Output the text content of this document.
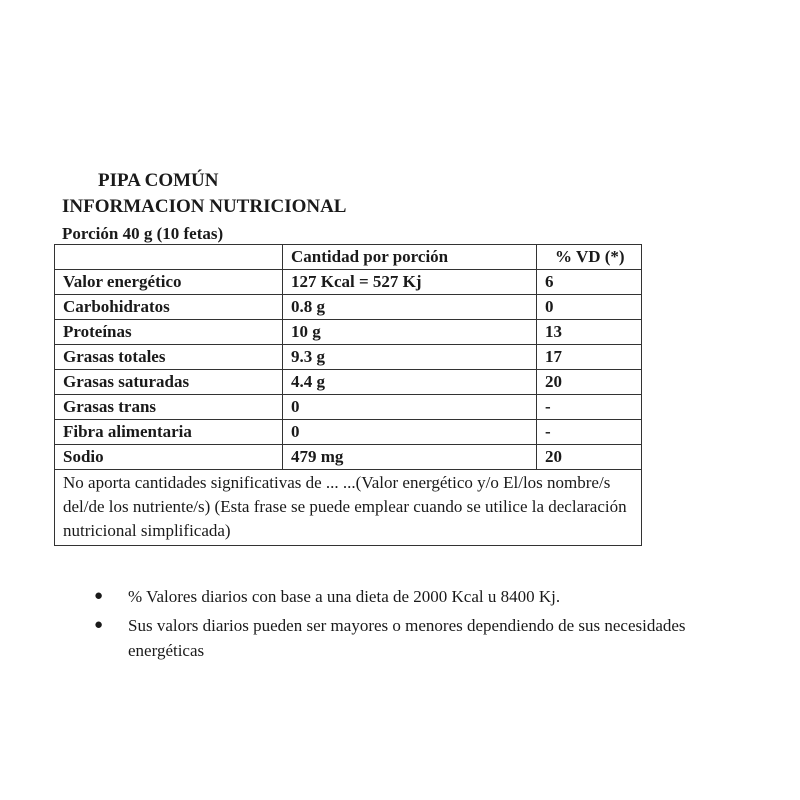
PIPA COMÚN

INFORMACION NUTRICIONAL

Porción 40 g (10 fetas)

	Cantidad por porción	% VD (*)
Valor energético	127 Kcal = 527 Kj	6
Carbohidratos	0.8 g	0
Proteínas	10 g	13
Grasas totales	9.3 g	17
Grasas saturadas	4.4 g	20
Grasas trans	0	-
Fibra alimentaria	0	-
Sodio	479 mg	20
No aporta cantidades significativas de ... ...(Valor energético y/o El/los nombre/s del/de los nutriente/s) (Esta frase se puede emplear cuando se utilice la declaración nutricional simplificada)		
● % Valores diarios con base a una dieta de 2000 Kcal u 8400 Kj.
● Sus valors diarios pueden ser mayores o menores dependiendo de sus necesidades energéticas
